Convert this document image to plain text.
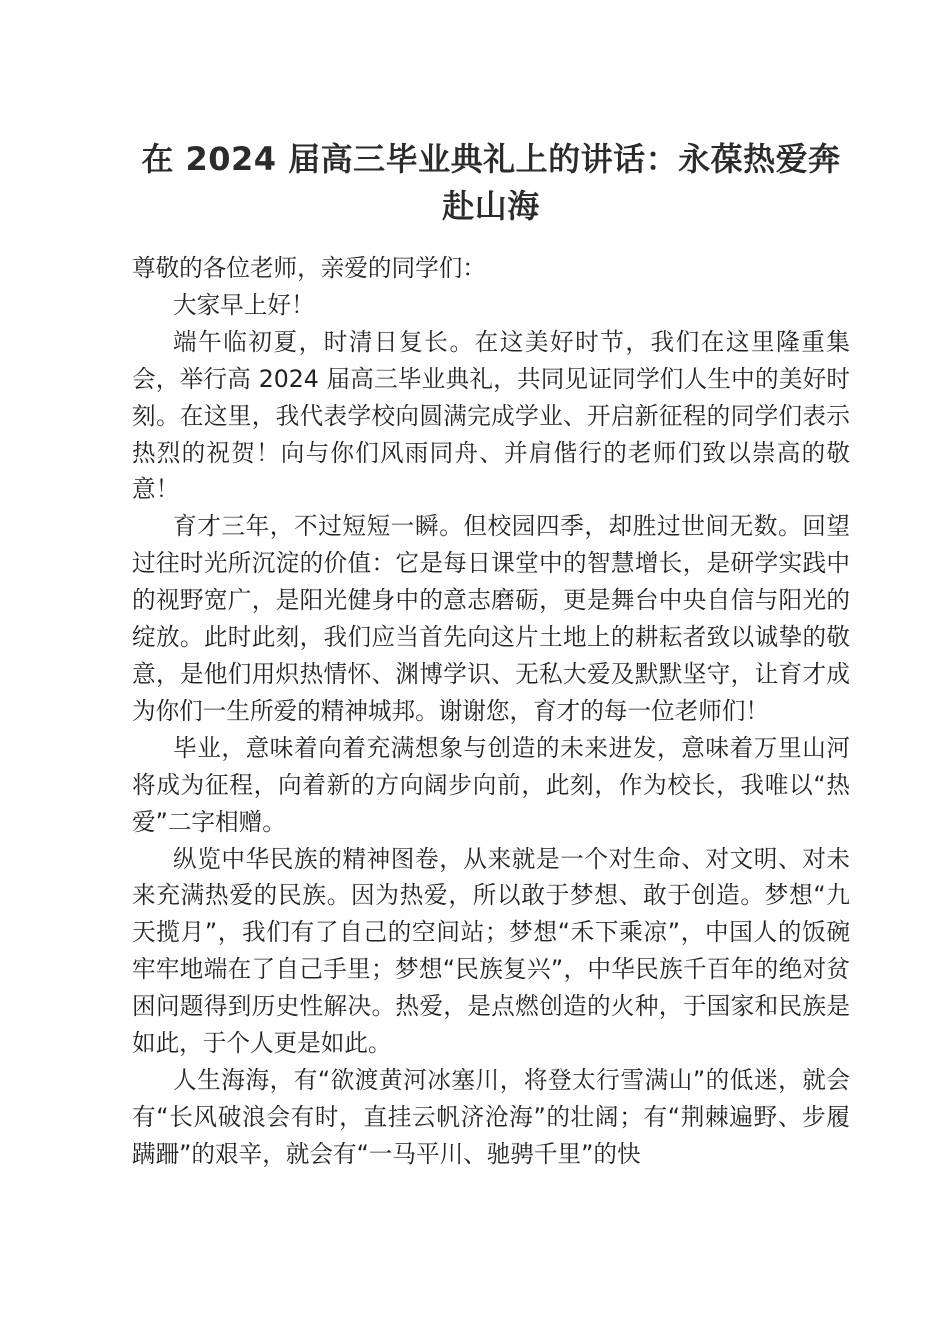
在 2024 届高三毕业典礼上的讲话：永葆热爱奔赴山海

尊敬的各位老师，亲爱的同学们：

大家早上好！

端午临初夏，时清日复长。在这美好时节，我们在这里隆重集会，举行高 2024 届高三毕业典礼，共同见证同学们人生中的美好时刻。在这里，我代表学校向圆满完成学业、开启新征程的同学们表示热烈的祝贺！向与你们风雨同舟、并肩偕行的老师们致以崇高的敬意！

育才三年，不过短短一瞬。但校园四季，却胜过世间无数。回望过往时光所沉淀的价值：它是每日课堂中的智慧增长，是研学实践中的视野宽广，是阳光健身中的意志磨砺，更是舞台中央自信与阳光的绽放。此时此刻，我们应当首先向这片土地上的耕耘者致以诚挚的敬意，是他们用炽热情怀、渊博学识、无私大爱及默默坚守，让育才成为你们一生所爱的精神城邦。谢谢您，育才的每一位老师们！

毕业，意味着向着充满想象与创造的未来进发，意味着万里山河将成为征程，向着新的方向阔步向前，此刻，作为校长，我唯以“热爱”二字相赠。

纵览中华民族的精神图卷，从来就是一个对生命、对文明、对未来充满热爱的民族。因为热爱，所以敢于梦想、敢于创造。梦想“九天揽月”，我们有了自己的空间站；梦想“禾下乘凉”，中国人的饭碗牢牢地端在了自己手里；梦想“民族复兴”，中华民族千百年的绝对贫困问题得到历史性解决。热爱，是点燃创造的火种，于国家和民族是如此，于个人更是如此。

人生海海，有“欲渡黄河冰塞川，将登太行雪满山”的低迷，就会有“长风破浪会有时，直挂云帆济沧海”的壮阔；有“荆棘遍野、步履蹒跚”的艰辛，就会有“一马平川、驰骋千里”的快
